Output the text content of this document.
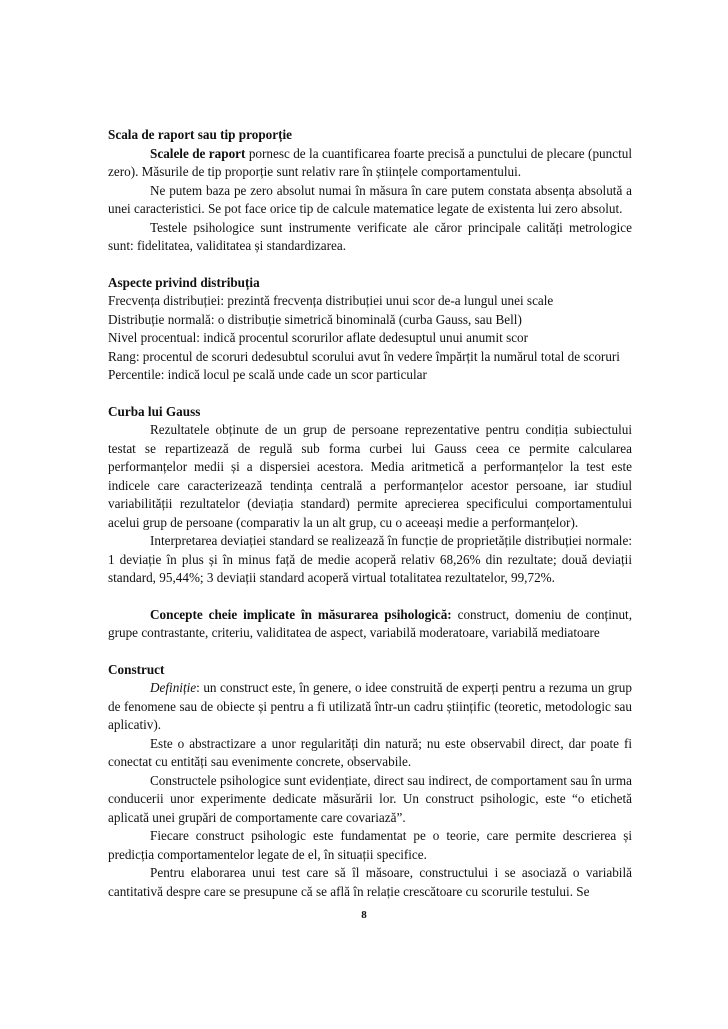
Scala de raport sau tip proporție

Scalele de raport pornesc de la cuantificarea foarte precisă a punctului de plecare (punctul zero). Măsurile de tip proporție sunt relativ rare în științele comportamentului.

Ne putem baza pe zero absolut numai în măsura în care putem constata absența absolută a unei caracteristici. Se pot face orice tip de calcule matematice legate de existenta lui zero absolut.

Testele psihologice sunt instrumente verificate ale căror principale calități metrologice sunt: fidelitatea, validitatea și standardizarea.

Aspecte privind distribuția

Frecvența distribuției: prezintă frecvența distribuției unui scor de-a lungul unei scale

Distribuție normală: o distribuție simetrică binominală (curba Gauss, sau Bell)

Nivel procentual: indică procentul scorurilor aflate dedesuptul unui anumit scor

Rang: procentul de scoruri dedesubtul scorului avut în vedere împărțit la numărul total de scoruri

Percentile: indică locul pe scală unde cade un scor particular

Curba lui Gauss

Rezultatele obținute de un grup de persoane reprezentative pentru condiția subiectului testat se repartizează de regulă sub forma curbei lui Gauss ceea ce permite calcularea performanțelor medii și a dispersiei acestora. Media aritmetică a performanțelor la test este indicele care caracterizează tendința centrală a performanțelor acestor persoane, iar studiul variabilității rezultatelor (deviația standard) permite aprecierea specificului comportamentului acelui grup de persoane (comparativ la un alt grup, cu o aceeași medie a performanțelor).

Interpretarea deviației standard se realizează în funcție de proprietățile distribuției normale: 1 deviație în plus și în minus față de medie acoperă relativ 68,26% din rezultate; două deviații standard, 95,44%; 3 deviații standard acoperă virtual totalitatea rezultatelor, 99,72%.

Concepte cheie implicate în măsurarea psihologică: construct, domeniu de conținut, grupe contrastante, criteriu, validitatea de aspect, variabilă moderatoare, variabilă mediatoare

Construct

Definiție: un construct este, în genere, o idee construită de experți pentru a rezuma un grup de fenomene sau de obiecte și pentru a fi utilizată într-un cadru științific (teoretic, metodologic sau aplicativ).

Este o abstractizare a unor regularități din natură; nu este observabil direct, dar poate fi conectat cu entități sau evenimente concrete, observabile.

Constructele psihologice sunt evidențiate, direct sau indirect, de comportament sau în urma conducerii unor experimente dedicate măsurării lor. Un construct psihologic, este “o etichetă aplicată unei grupări de comportamente care covariază”.

Fiecare construct psihologic este fundamentat pe o teorie, care permite descrierea și predicția comportamentelor legate de el, în situații specifice.

Pentru elaborarea unui test care să îl măsoare, constructului i se asociază o variabilă cantitativă despre care se presupune că se află în relație crescătoare cu scorurile testului. Se

8
